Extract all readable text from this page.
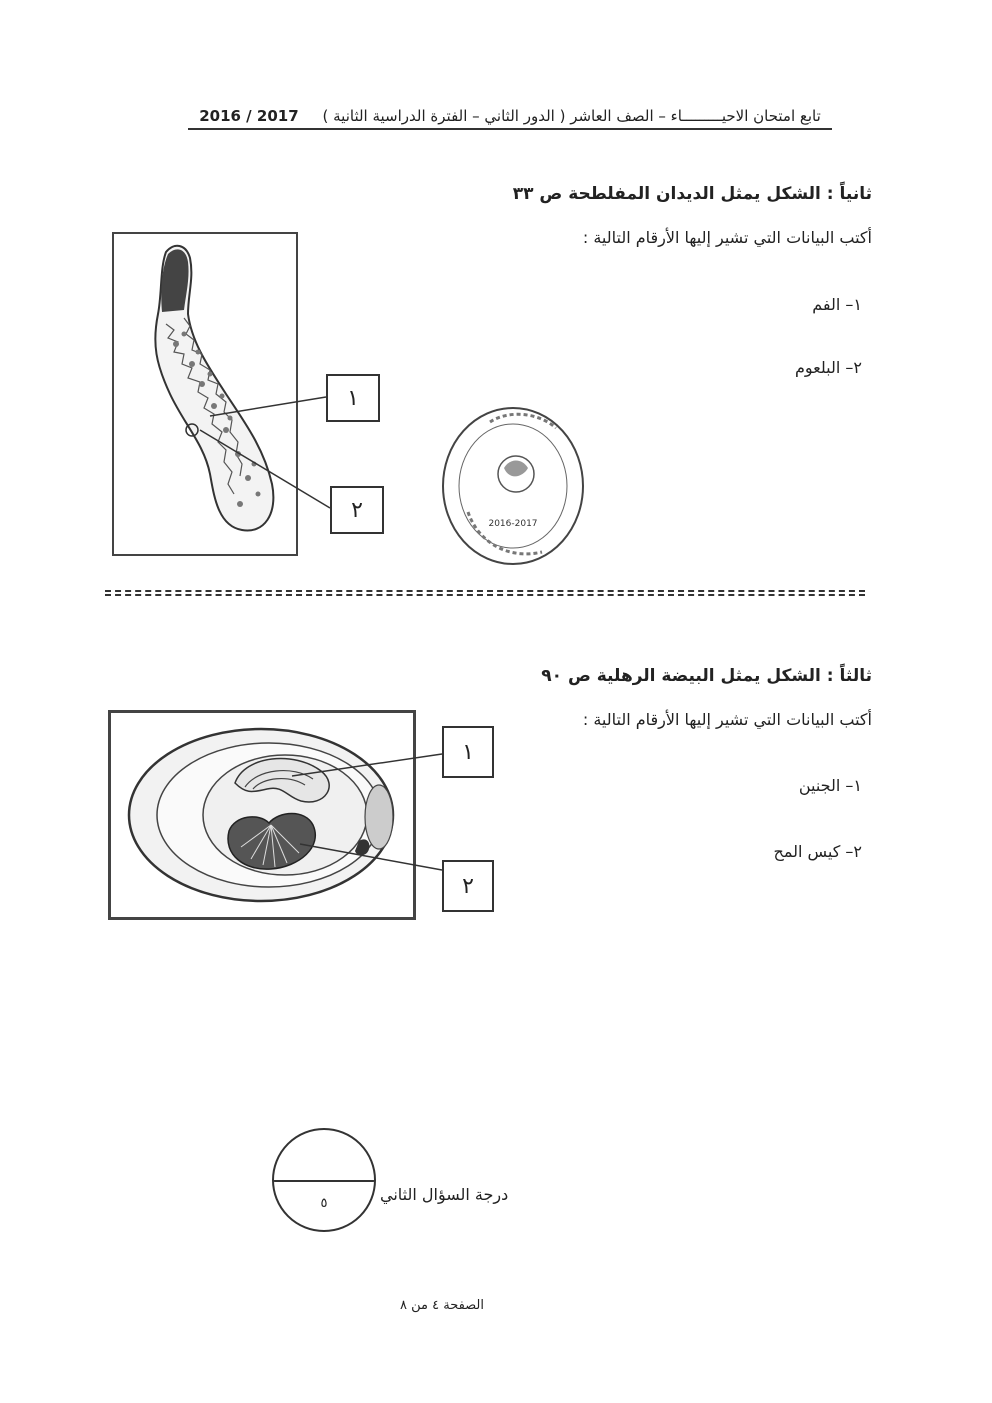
تابع امتحان الاحيـــــــــاء – الصف العاشر ( الدور الثاني – الفترة الدراسية الثانية )     2017 / 2016
ثانياً : الشكل يمثل الديدان المفلطحة ص ٣٣
أكتب البيانات التي تشير إليها الأرقام التالية :
١– الفم
٢– البلعوم
١
٢
2016-2017
ثالثاً : الشكل يمثل البيضة الرهلية ص ٩٠
أكتب البيانات التي تشير إليها الأرقام التالية :
١– الجنين
٢– كيس المح
١
٢
٥	درجة السؤال الثاني
الصفحة ٤ من ٨
